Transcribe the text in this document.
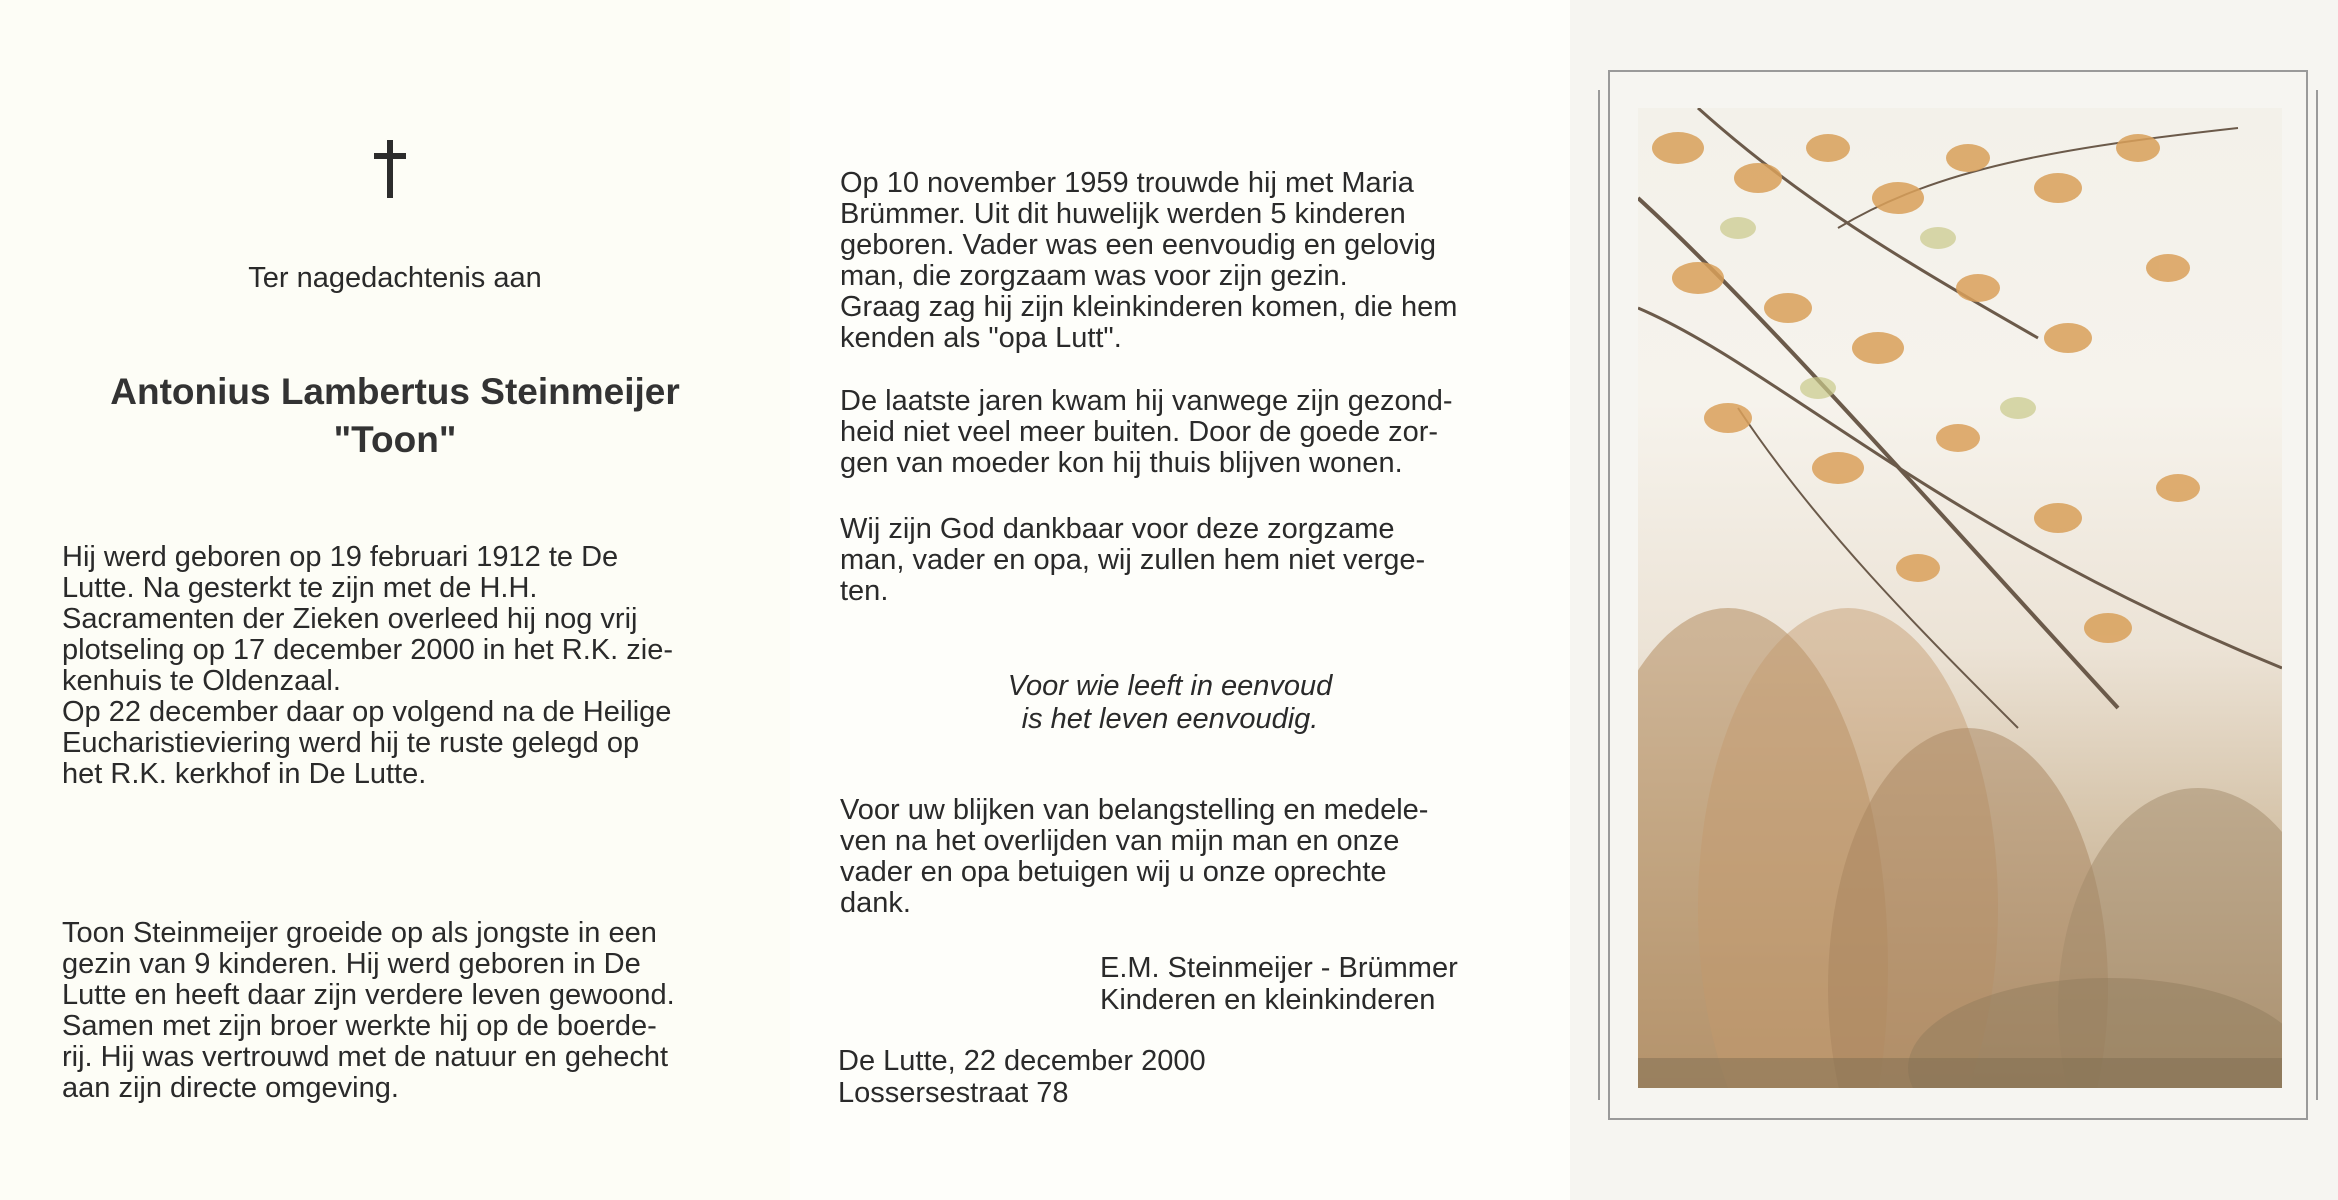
Ter nagedachtenis aan
Antonius Lambertus Steinmeijer
"Toon"
Hij werd geboren op 19 februari 1912 te De
Lutte. Na gesterkt te zijn met de H.H.
Sacramenten der Zieken overleed hij nog vrij
plotseling op 17 december 2000 in het R.K. zie-
kenhuis te Oldenzaal.
Op 22 december daar op volgend na de Heilige
Eucharistieviering werd hij te ruste gelegd op
het R.K. kerkhof in De Lutte.
Toon Steinmeijer groeide op als jongste in een
gezin van 9 kinderen. Hij werd geboren in De
Lutte en heeft daar zijn verdere leven gewoond.
Samen met zijn broer werkte hij op de boerde-
rij. Hij was vertrouwd met de natuur en gehecht
aan zijn directe omgeving.
Op 10 november 1959 trouwde hij met Maria
Brümmer. Uit dit huwelijk werden 5 kinderen
geboren. Vader was een eenvoudig en gelovig
man, die zorgzaam was voor zijn gezin.
Graag zag hij zijn kleinkinderen komen, die hem
kenden als "opa Lutt".
De laatste jaren kwam hij vanwege zijn gezond-
heid niet veel meer buiten. Door de goede zor-
gen van moeder kon hij thuis blijven wonen.
Wij zijn God dankbaar voor deze zorgzame
man, vader en opa, wij zullen hem niet verge-
ten.
Voor wie leeft in eenvoud
is het leven eenvoudig.
Voor uw blijken van belangstelling en medele-
ven na het overlijden van mijn man en onze
vader en opa betuigen wij u onze oprechte
dank.
E.M. Steinmeijer - Brümmer
Kinderen en kleinkinderen
De Lutte, 22 december 2000
Lossersestraat 78
